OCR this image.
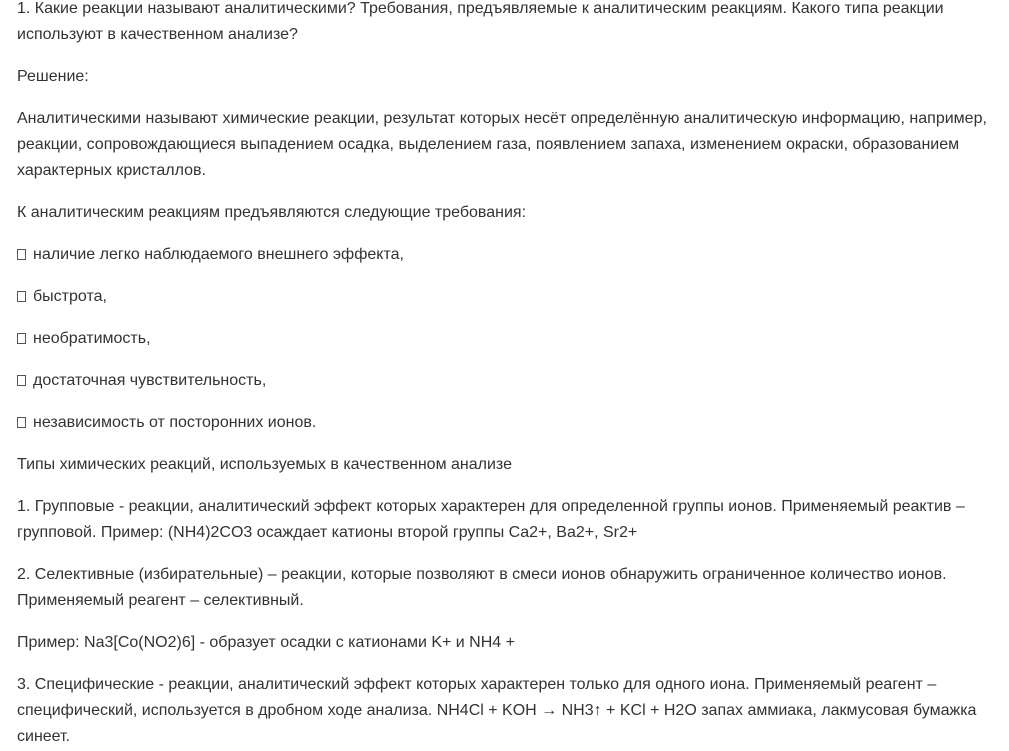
1. Какие реакции называют аналитическими? Требования, предъявляемые к аналитическим реакциям. Какого типа реакции используют в качественном анализе?
Решение:
Аналитическими называют химические реакции, результат которых несёт определённую аналитическую информацию, например, реакции, сопровождающиеся выпадением осадка, выделением газа, появлением запаха, изменением окраски, образованием характерных кристаллов.
К аналитическим реакциям предъявляются следующие требования:
наличие легко наблюдаемого внешнего эффекта,
быстрота,
необратимость,
достаточная чувствительность,
независимость от посторонних ионов.
Типы химических реакций, используемых в качественном анализе
1. Групповые - реакции, аналитический эффект которых характерен для определенной группы ионов. Применяемый реактив – групповой. Пример: (NH4)2CO3 осаждает катионы второй группы Ca2+, Ba2+, Sr2+
2. Селективные (избирательные) – реакции, которые позволяют в смеси ионов обнаружить ограниченное количество ионов. Применяемый реагент – селективный.
Пример: Na3[Co(NO2)6] - образует осадки с катионами K+ и NH4 +
3. Специфические - реакции, аналитический эффект которых характерен только для одного иона. Применяемый реагент – специфический, используется в дробном ходе анализа. NH4Cl + KOH → NH3↑ + KCl + H2O запах аммиака, лакмусовая бумажка синеет.
